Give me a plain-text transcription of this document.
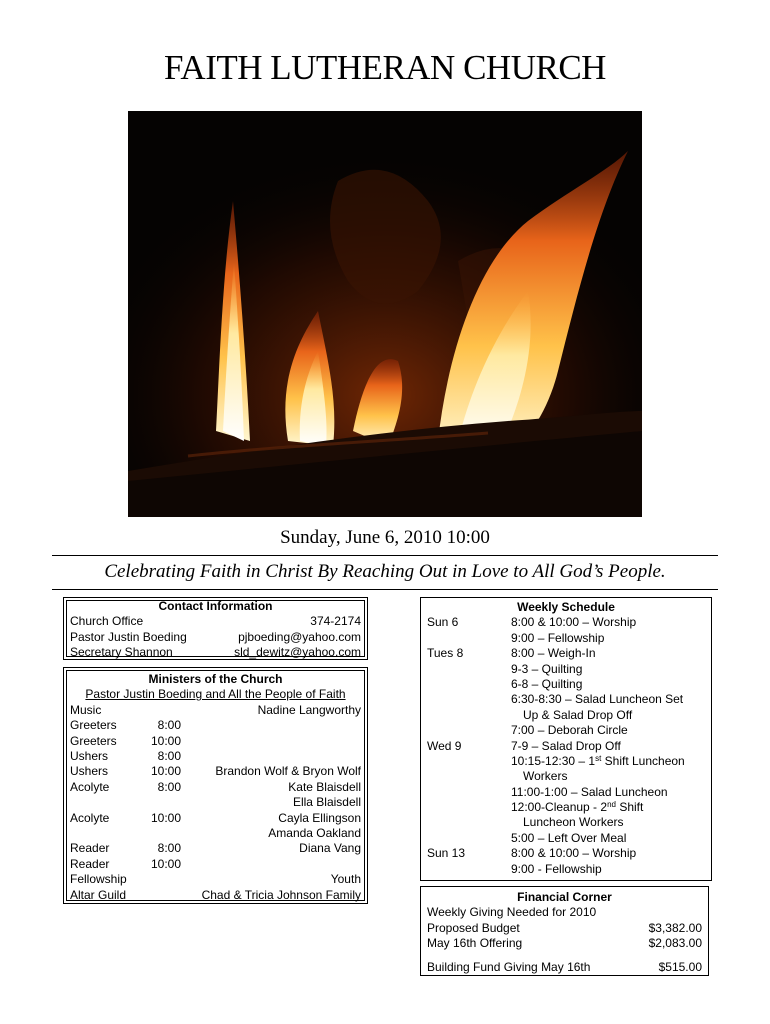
FAITH LUTHERAN CHURCH
Sunday, June 6, 2010 10:00
Celebrating Faith in Christ By Reaching Out in Love to All God’s People.
Contact Information
Church Office	374-2174
Pastor Justin Boeding	pjboeding@yahoo.com
Secretary Shannon	sld_dewitz@yahoo.com
Ministers of the Church
Pastor Justin Boeding and All the People of Faith
Music	Nadine Langworthy
Greeters	8:00
Greeters	10:00
Ushers	8:00
Ushers	10:00	Brandon Wolf & Bryon Wolf
Acolyte	8:00	Kate Blaisdell
Ella Blaisdell
Acolyte	10:00	Cayla Ellingson
Amanda Oakland
Reader	8:00	Diana Vang
Reader	10:00
Fellowship	Youth
Altar Guild	Chad & Tricia Johnson Family
Weekly Schedule
Sun 6	8:00 & 10:00 – Worship
9:00 – Fellowship
Tues 8	8:00 – Weigh-In
9-3 – Quilting
6-8 – Quilting
6:30-8:30 – Salad Luncheon Set
Up & Salad Drop Off
7:00 – Deborah Circle
Wed 9	7-9 – Salad Drop Off
10:15-12:30 – 1st Shift Luncheon
Workers
11:00-1:00 – Salad Luncheon
12:00-Cleanup - 2nd Shift
Luncheon Workers
5:00 – Left Over Meal
Sun 13	8:00 & 10:00 – Worship
9:00 - Fellowship
Financial Corner
Weekly Giving Needed for 2010
Proposed Budget	$3,382.00
May 16th Offering	$2,083.00
Building Fund Giving May 16th	$515.00
